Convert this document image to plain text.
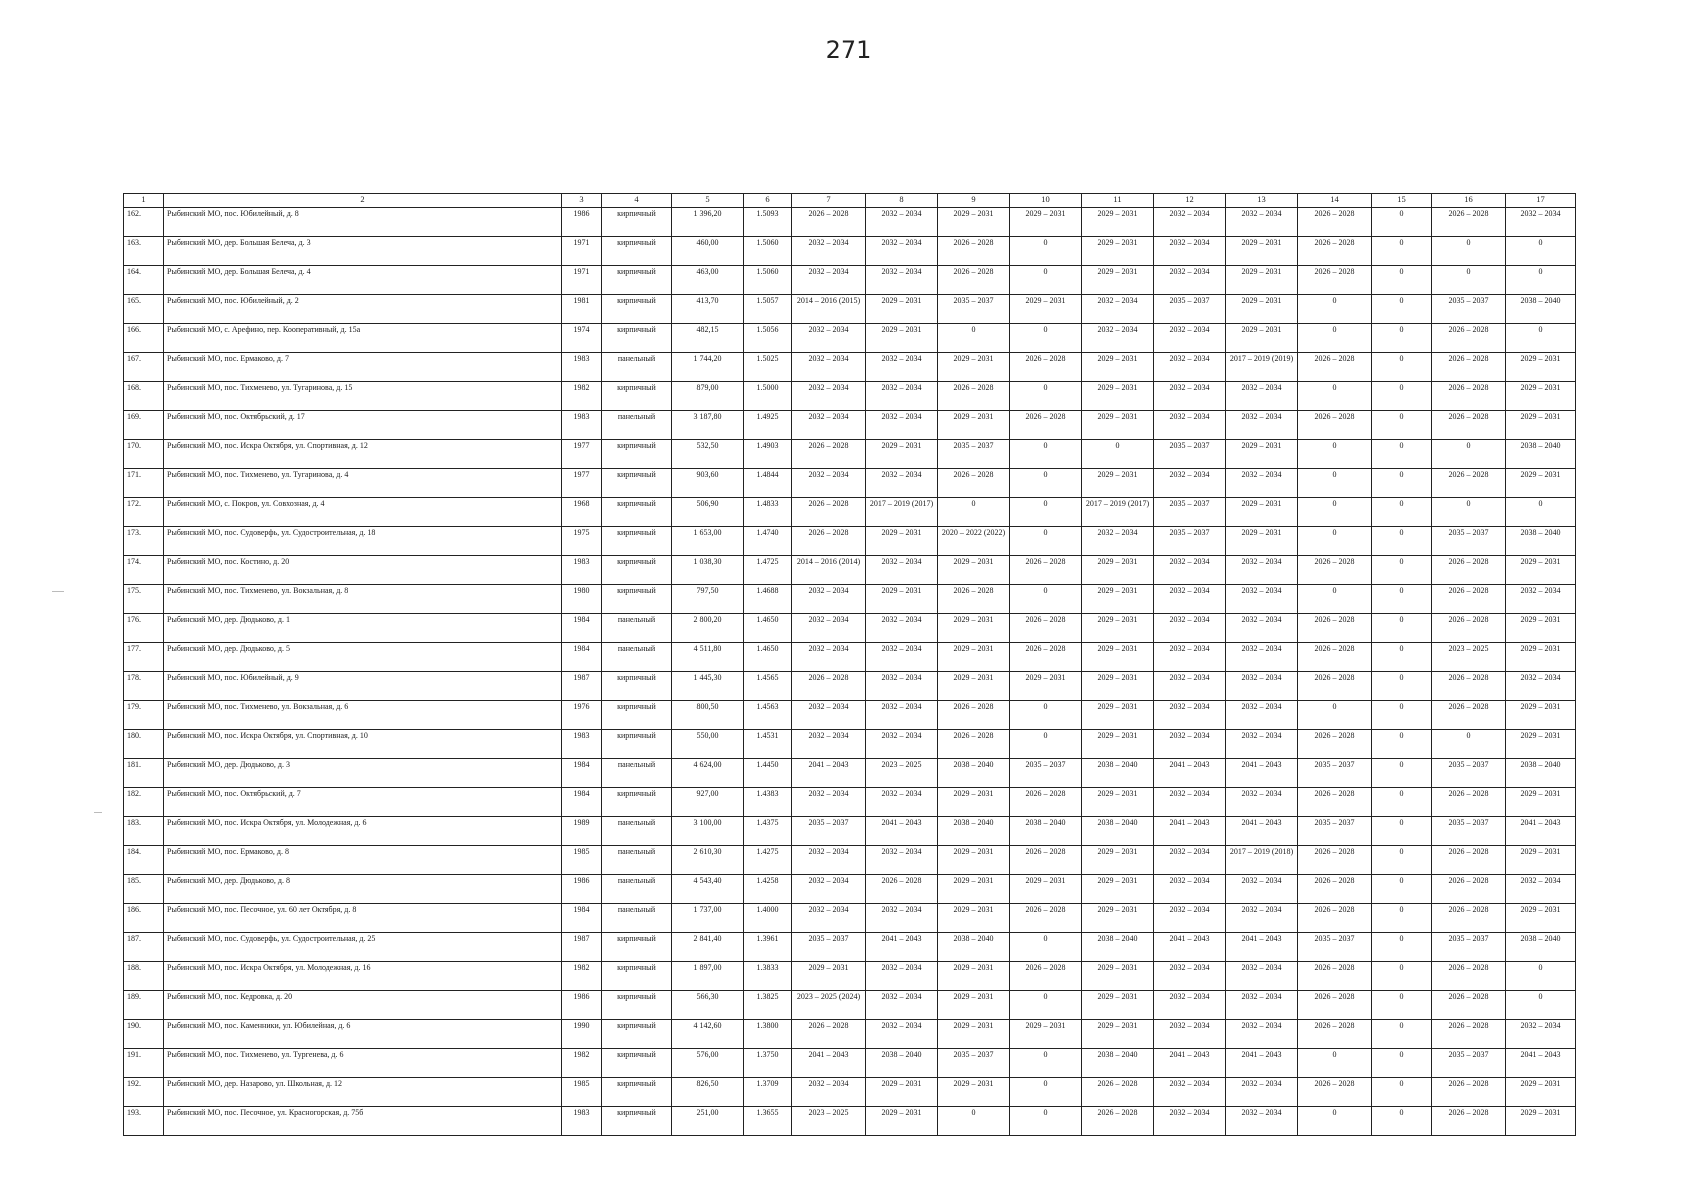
271
1	2	3	4	5	6	7	8	9	10	11	12	13	14	15	16	17
162.	Рыбинский МО, пос. Юбилейный, д. 8	1986	кирпичный	1 396,20	1.5093	2026 – 2028	2032 – 2034	2029 – 2031	2029 – 2031	2029 – 2031	2032 – 2034	2032 – 2034	2026 – 2028	0	2026 – 2028	2032 – 2034
163.	Рыбинский МО, дер. Большая Белеча, д. 3	1971	кирпичный	460,00	1.5060	2032 – 2034	2032 – 2034	2026 – 2028	0	2029 – 2031	2032 – 2034	2029 – 2031	2026 – 2028	0	0	0
164.	Рыбинский МО, дер. Большая Белеча, д. 4	1971	кирпичный	463,00	1.5060	2032 – 2034	2032 – 2034	2026 – 2028	0	2029 – 2031	2032 – 2034	2029 – 2031	2026 – 2028	0	0	0
165.	Рыбинский МО, пос. Юбилейный, д. 2	1981	кирпичный	413,70	1.5057	2014 – 2016 (2015)	2029 – 2031	2035 – 2037	2029 – 2031	2032 – 2034	2035 – 2037	2029 – 2031	0	0	2035 – 2037	2038 – 2040
166.	Рыбинский МО, с. Арефино, пер. Кооперативный, д. 15а	1974	кирпичный	482,15	1.5056	2032 – 2034	2029 – 2031	0	0	2032 – 2034	2032 – 2034	2029 – 2031	0	0	2026 – 2028	0
167.	Рыбинский МО, пос. Ермаково, д. 7	1983	панельный	1 744,20	1.5025	2032 – 2034	2032 – 2034	2029 – 2031	2026 – 2028	2029 – 2031	2032 – 2034	2017 – 2019 (2019)	2026 – 2028	0	2026 – 2028	2029 – 2031
168.	Рыбинский МО, пос. Тихменево, ул. Тугаринова, д. 15	1982	кирпичный	879,00	1.5000	2032 – 2034	2032 – 2034	2026 – 2028	0	2029 – 2031	2032 – 2034	2032 – 2034	0	0	2026 – 2028	2029 – 2031
169.	Рыбинский МО, пос. Октябрьский, д. 17	1983	панельный	3 187,80	1.4925	2032 – 2034	2032 – 2034	2029 – 2031	2026 – 2028	2029 – 2031	2032 – 2034	2032 – 2034	2026 – 2028	0	2026 – 2028	2029 – 2031
170.	Рыбинский МО, пос. Искра Октября, ул. Спортивная, д. 12	1977	кирпичный	532,50	1.4903	2026 – 2028	2029 – 2031	2035 – 2037	0	0	2035 – 2037	2029 – 2031	0	0	0	2038 – 2040
171.	Рыбинский МО, пос. Тихменево, ул. Тугаринова, д. 4	1977	кирпичный	903,60	1.4844	2032 – 2034	2032 – 2034	2026 – 2028	0	2029 – 2031	2032 – 2034	2032 – 2034	0	0	2026 – 2028	2029 – 2031
172.	Рыбинский МО, с. Покров, ул. Совхозная, д. 4	1968	кирпичный	506,90	1.4833	2026 – 2028	2017 – 2019 (2017)	0	0	2017 – 2019 (2017)	2035 – 2037	2029 – 2031	0	0	0	0
173.	Рыбинский МО, пос. Судоверфь, ул. Судостроительная, д. 18	1975	кирпичный	1 653,00	1.4740	2026 – 2028	2029 – 2031	2020 – 2022 (2022)	0	2032 – 2034	2035 – 2037	2029 – 2031	0	0	2035 – 2037	2038 – 2040
174.	Рыбинский МО, пос. Костино, д. 20	1983	кирпичный	1 038,30	1.4725	2014 – 2016 (2014)	2032 – 2034	2029 – 2031	2026 – 2028	2029 – 2031	2032 – 2034	2032 – 2034	2026 – 2028	0	2026 – 2028	2029 – 2031
175.	Рыбинский МО, пос. Тихменево, ул. Вокзальная, д. 8	1980	кирпичный	797,50	1.4688	2032 – 2034	2029 – 2031	2026 – 2028	0	2029 – 2031	2032 – 2034	2032 – 2034	0	0	2026 – 2028	2032 – 2034
176.	Рыбинский МО, дер. Дюдьково, д. 1	1984	панельный	2 800,20	1.4650	2032 – 2034	2032 – 2034	2029 – 2031	2026 – 2028	2029 – 2031	2032 – 2034	2032 – 2034	2026 – 2028	0	2026 – 2028	2029 – 2031
177.	Рыбинский МО, дер. Дюдьково, д. 5	1984	панельный	4 511,80	1.4650	2032 – 2034	2032 – 2034	2029 – 2031	2026 – 2028	2029 – 2031	2032 – 2034	2032 – 2034	2026 – 2028	0	2023 – 2025	2029 – 2031
178.	Рыбинский МО, пос. Юбилейный, д. 9	1987	кирпичный	1 445,30	1.4565	2026 – 2028	2032 – 2034	2029 – 2031	2029 – 2031	2029 – 2031	2032 – 2034	2032 – 2034	2026 – 2028	0	2026 – 2028	2032 – 2034
179.	Рыбинский МО, пос. Тихменево, ул. Вокзальная, д. 6	1976	кирпичный	800,50	1.4563	2032 – 2034	2032 – 2034	2026 – 2028	0	2029 – 2031	2032 – 2034	2032 – 2034	0	0	2026 – 2028	2029 – 2031
180.	Рыбинский МО, пос. Искра Октября, ул. Спортивная, д. 10	1983	кирпичный	550,00	1.4531	2032 – 2034	2032 – 2034	2026 – 2028	0	2029 – 2031	2032 – 2034	2032 – 2034	2026 – 2028	0	0	2029 – 2031
181.	Рыбинский МО, дер. Дюдьково, д. 3	1984	панельный	4 624,00	1.4450	2041 – 2043	2023 – 2025	2038 – 2040	2035 – 2037	2038 – 2040	2041 – 2043	2041 – 2043	2035 – 2037	0	2035 – 2037	2038 – 2040
182.	Рыбинский МО, пос. Октябрьский, д. 7	1984	кирпичный	927,00	1.4383	2032 – 2034	2032 – 2034	2029 – 2031	2026 – 2028	2029 – 2031	2032 – 2034	2032 – 2034	2026 – 2028	0	2026 – 2028	2029 – 2031
183.	Рыбинский МО, пос. Искра Октября, ул. Молодежная, д. 6	1989	панельный	3 100,00	1.4375	2035 – 2037	2041 – 2043	2038 – 2040	2038 – 2040	2038 – 2040	2041 – 2043	2041 – 2043	2035 – 2037	0	2035 – 2037	2041 – 2043
184.	Рыбинский МО, пос. Ермаково, д. 8	1985	панельный	2 610,30	1.4275	2032 – 2034	2032 – 2034	2029 – 2031	2026 – 2028	2029 – 2031	2032 – 2034	2017 – 2019 (2018)	2026 – 2028	0	2026 – 2028	2029 – 2031
185.	Рыбинский МО, дер. Дюдьково, д. 8	1986	панельный	4 543,40	1.4258	2032 – 2034	2026 – 2028	2029 – 2031	2029 – 2031	2029 – 2031	2032 – 2034	2032 – 2034	2026 – 2028	0	2026 – 2028	2032 – 2034
186.	Рыбинский МО, пос. Песочное, ул. 60 лет Октября, д. 8	1984	панельный	1 737,00	1.4000	2032 – 2034	2032 – 2034	2029 – 2031	2026 – 2028	2029 – 2031	2032 – 2034	2032 – 2034	2026 – 2028	0	2026 – 2028	2029 – 2031
187.	Рыбинский МО, пос. Судоверфь, ул. Судостроительная, д. 25	1987	кирпичный	2 841,40	1.3961	2035 – 2037	2041 – 2043	2038 – 2040	0	2038 – 2040	2041 – 2043	2041 – 2043	2035 – 2037	0	2035 – 2037	2038 – 2040
188.	Рыбинский МО, пос. Искра Октября, ул. Молодежная, д. 16	1982	кирпичный	1 897,00	1.3833	2029 – 2031	2032 – 2034	2029 – 2031	2026 – 2028	2029 – 2031	2032 – 2034	2032 – 2034	2026 – 2028	0	2026 – 2028	0
189.	Рыбинский МО, пос. Кедровка, д. 20	1986	кирпичный	566,30	1.3825	2023 – 2025 (2024)	2032 – 2034	2029 – 2031	0	2029 – 2031	2032 – 2034	2032 – 2034	2026 – 2028	0	2026 – 2028	0
190.	Рыбинский МО, пос. Каменники, ул. Юбилейная, д. 6	1990	кирпичный	4 142,60	1.3800	2026 – 2028	2032 – 2034	2029 – 2031	2029 – 2031	2029 – 2031	2032 – 2034	2032 – 2034	2026 – 2028	0	2026 – 2028	2032 – 2034
191.	Рыбинский МО, пос. Тихменево, ул. Тургенева, д. 6	1982	кирпичный	576,00	1.3750	2041 – 2043	2038 – 2040	2035 – 2037	0	2038 – 2040	2041 – 2043	2041 – 2043	0	0	2035 – 2037	2041 – 2043
192.	Рыбинский МО, дер. Назарово, ул. Школьная, д. 12	1985	кирпичный	826,50	1.3709	2032 – 2034	2029 – 2031	2029 – 2031	0	2026 – 2028	2032 – 2034	2032 – 2034	2026 – 2028	0	2026 – 2028	2029 – 2031
193.	Рыбинский МО, пос. Песочное, ул. Красногорская, д. 75б	1983	кирпичный	251,00	1.3655	2023 – 2025	2029 – 2031	0	0	2026 – 2028	2032 – 2034	2032 – 2034	0	0	2026 – 2028	2029 – 2031
